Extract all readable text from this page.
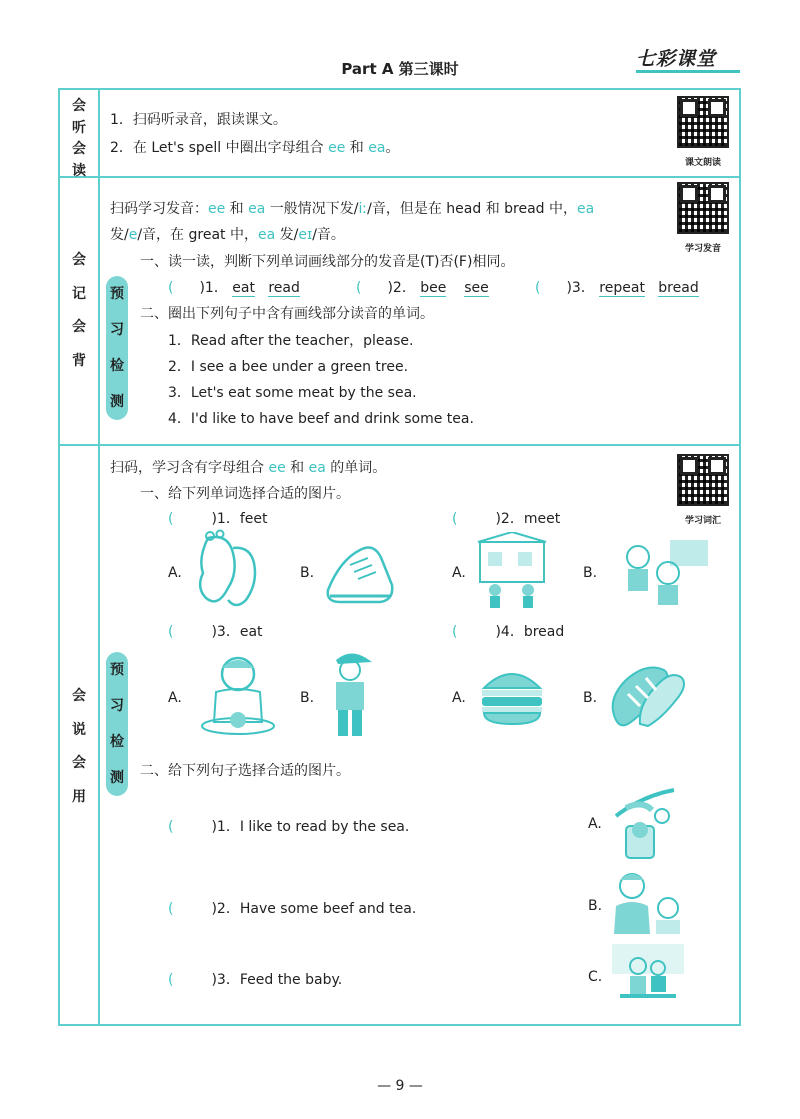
Part A 第三课时	七彩课堂
会
听
会
读
1．扫码听录音，跟读课文。
2．在 Let's spell 中圈出字母组合 ee 和 ea。
课文朗读
会
记
会
背
预
习
检
测
学习发音
扫码学习发音：ee 和 ea 一般情况下发/iː/音，但是在 head 和 bread 中，ea
发/e/音，在 great 中，ea 发/eɪ/音。
一、读一读，判断下列单词画线部分的发音是(T)否(F)相同。
( )1． eat read	( )2． bee see	( )3． repeat bread
二、圈出下列句子中含有画线部分读音的单词。
1．Read after the teacher，please.
2．I see a bee under a green tree.
3．Let's eat some meat by the sea.
4．I'd like to have beef and drink some tea.
会
说
会
用
预
习
检
测
学习词汇
扫码，学习含有字母组合 ee 和 ea 的单词。
一、给下列单词选择合适的图片。
(	)1．feet	(	)2．meet
A.	B.	A.	B.
(	)3．eat	(	)4．bread
A.	B.	A.	B.
二、给下列句子选择合适的图片。
(	)1．I like to read by the sea.
(	)2．Have some beef and tea.
(	)3．Feed the baby.
A.
B.
C.
— 9 —
